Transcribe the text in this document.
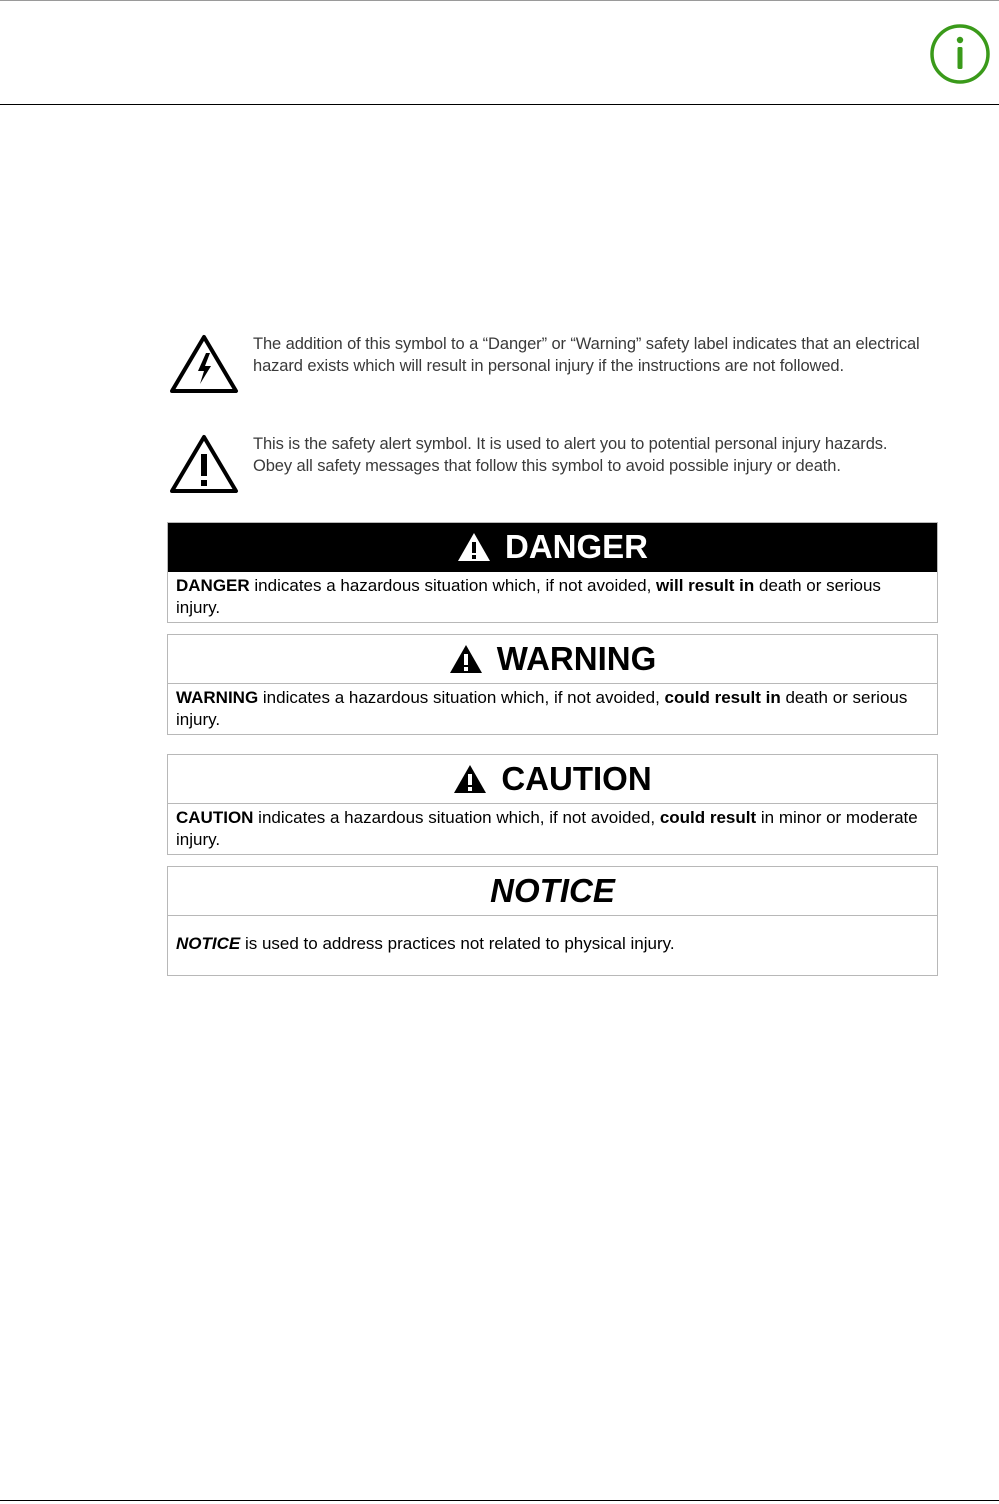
The addition of this symbol to a “Danger” or “Warning” safety label indicates that an electrical hazard exists which will result in personal injury if the instructions are not followed.
This is the safety alert symbol. It is used to alert you to potential personal injury hazards. Obey all safety messages that follow this symbol to avoid possible injury or death.
DANGER
DANGER indicates a hazardous situation which, if not avoided, will result in death or serious injury.
WARNING
WARNING indicates a hazardous situation which, if not avoided, could result in death or serious injury.
CAUTION
CAUTION indicates a hazardous situation which, if not avoided, could result in minor or moderate injury.
NOTICE
NOTICE is used to address practices not related to physical injury.
